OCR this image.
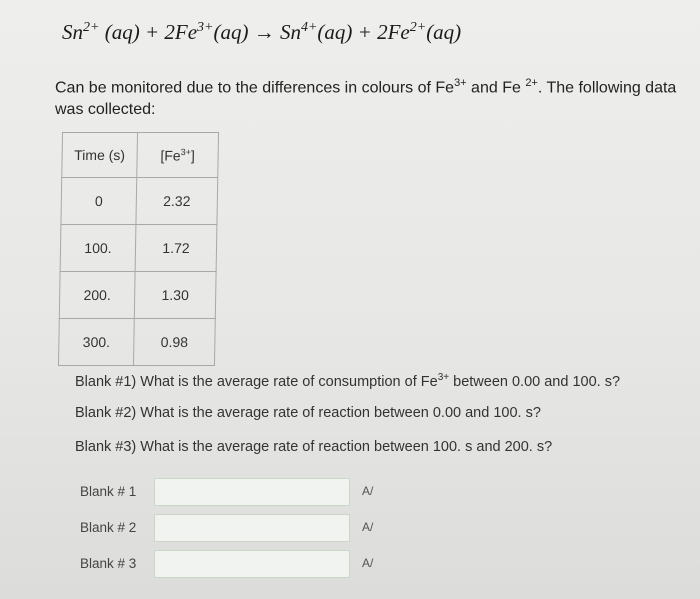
$Sn^{2+}$ $(aq) + 2Fe^{3+}(aq) \to Sn^{4+}(aq) + 2Fe^{2+}(aq)$
Can be monitored due to the differences in colours of $Fe^{3+}$ and Fe $^{2+}$. The following data was collected:
Time (s)	$[Fe^{3+}]$
0	2.32
100.	1.72
200.	1.30
300.	0.98
Blank #1) What is the average rate of consumption of $Fe^{3+}$ between 0.00 and 100. s?
Blank #2) What is the average rate of reaction between 0.00 and 100. s?
Blank #3) What is the average rate of reaction between 100. s and 200. s?
Blank # 1	A/
Blank # 2	A/
Blank # 3	A/
